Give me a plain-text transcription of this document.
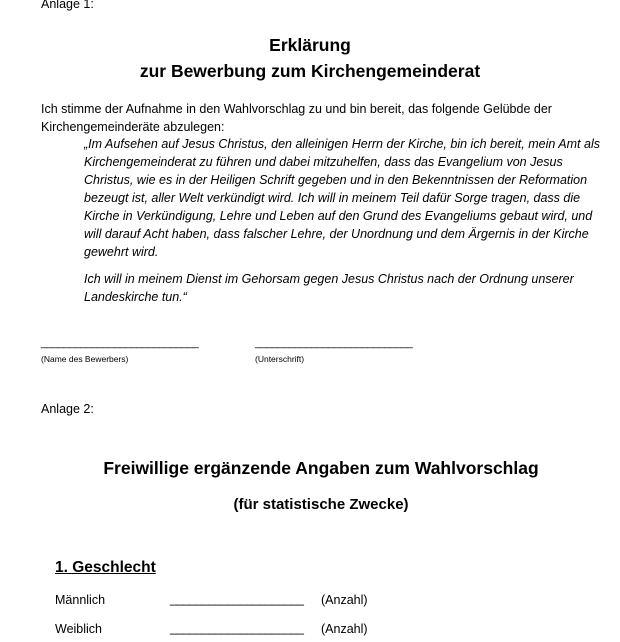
Anlage 1:
Erklärung
zur Bewerbung zum Kirchengemeinderat
Ich stimme der Aufnahme in den Wahlvorschlag zu und bin bereit, das folgende Gelübde der Kirchengemeinderäte abzulegen:
„Im Aufsehen auf Jesus Christus, den alleinigen Herrn der Kirche, bin ich bereit, mein Amt als Kirchengemeinderat zu führen und dabei mitzuhelfen, dass das Evangelium von Jesus Christus, wie es in der Heiligen Schrift gegeben und in den Bekenntnissen der Reformation bezeugt ist, aller Welt verkündigt wird. Ich will in meinem Teil dafür Sorge tragen, dass die Kirche in Verkündigung, Lehre und Leben auf den Grund des Evangeliums gebaut wird, und will darauf Acht haben, dass falscher Lehre, der Unordnung und dem Ärgernis in der Kirche gewehrt wird.
Ich will in meinem Dienst im Gehorsam gegen Jesus Christus nach der Ordnung unserer Landeskirche tun.“
____________________________	____________________________
(Name des Bewerbers)	(Unterschrift)
Anlage 2:
Freiwillige ergänzende Angaben zum Wahlvorschlag
(für statistische Zwecke)
1. Geschlecht
Männlich	_____________________ (Anzahl)
Weiblich	_____________________ (Anzahl)
